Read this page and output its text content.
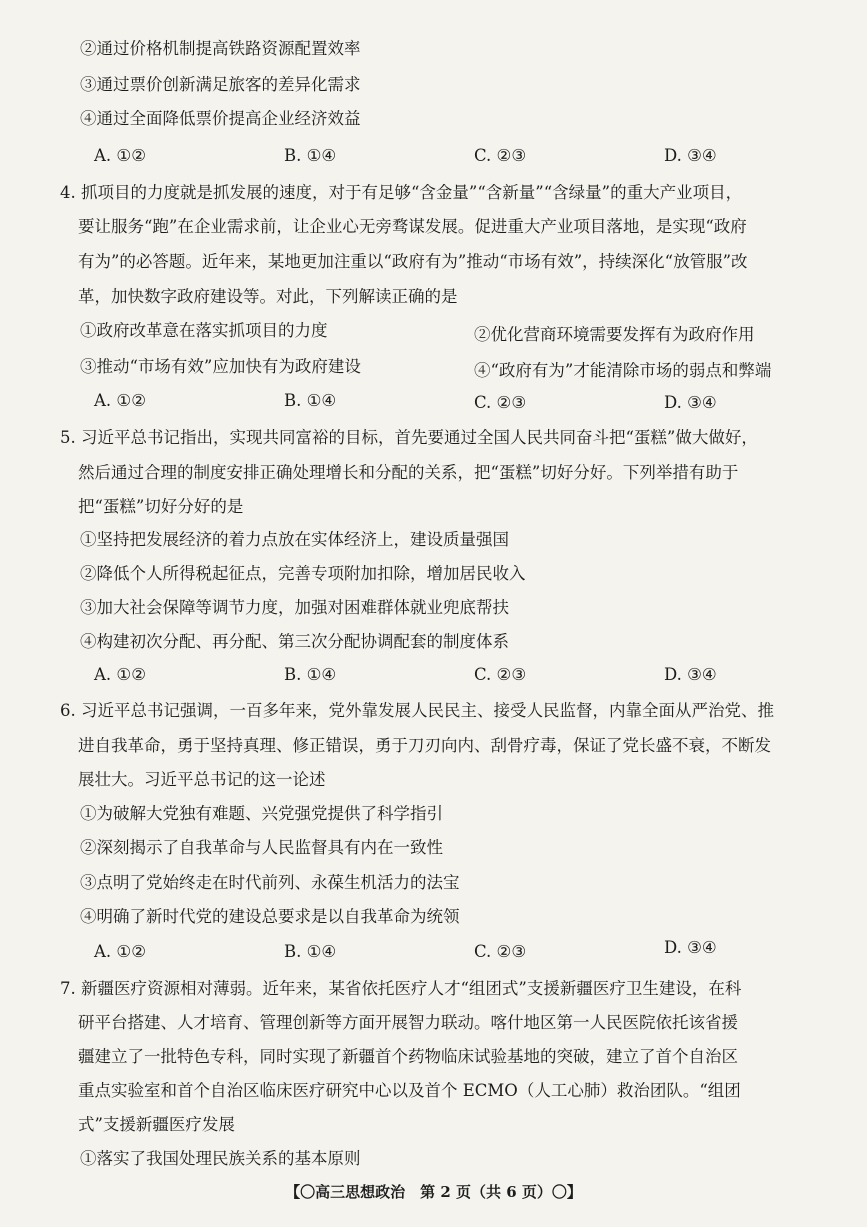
②通过价格机制提高铁路资源配置效率
③通过票价创新满足旅客的差异化需求
④通过全面降低票价提高企业经济效益
A. ①②	B. ①④	C. ②③	D. ③④
4. 抓项目的力度就是抓发展的速度，对于有足够“含金量”“含新量”“含绿量”的重大产业项目，
要让服务“跑”在企业需求前，让企业心无旁骛谋发展。促进重大产业项目落地，是实现“政府
有为”的必答题。近年来，某地更加注重以“政府有为”推动“市场有效”，持续深化“放管服”改
革，加快数字政府建设等。对此，下列解读正确的是
①政府改革意在落实抓项目的力度	②优化营商环境需要发挥有为政府作用
③推动“市场有效”应加快有为政府建设	④“政府有为”才能清除市场的弱点和弊端
A. ①②	B. ①④	C. ②③	D. ③④
5. 习近平总书记指出，实现共同富裕的目标，首先要通过全国人民共同奋斗把“蛋糕”做大做好，
然后通过合理的制度安排正确处理增长和分配的关系，把“蛋糕”切好分好。下列举措有助于
把“蛋糕”切好分好的是
①坚持把发展经济的着力点放在实体经济上，建设质量强国
②降低个人所得税起征点，完善专项附加扣除，增加居民收入
③加大社会保障等调节力度，加强对困难群体就业兜底帮扶
④构建初次分配、再分配、第三次分配协调配套的制度体系
A. ①②	B. ①④	C. ②③	D. ③④
6. 习近平总书记强调，一百多年来，党外靠发展人民民主、接受人民监督，内靠全面从严治党、推
进自我革命，勇于坚持真理、修正错误，勇于刀刃向内、刮骨疗毒，保证了党长盛不衰，不断发
展壮大。习近平总书记的这一论述
①为破解大党独有难题、兴党强党提供了科学指引
②深刻揭示了自我革命与人民监督具有内在一致性
③点明了党始终走在时代前列、永葆生机活力的法宝
④明确了新时代党的建设总要求是以自我革命为统领
A. ①②	B. ①④	C. ②③	D. ③④
7. 新疆医疗资源相对薄弱。近年来，某省依托医疗人才“组团式”支援新疆医疗卫生建设，在科
研平台搭建、人才培育、管理创新等方面开展智力联动。喀什地区第一人民医院依托该省援
疆建立了一批特色专科，同时实现了新疆首个药物临床试验基地的突破，建立了首个自治区
重点实验室和首个自治区临床医疗研究中心以及首个 ECMO（人工心肺）救治团队。“组团
式”支援新疆医疗发展
①落实了我国处理民族关系的基本原则
【〇高三思想政治　第 2 页（共 6 页）〇】
